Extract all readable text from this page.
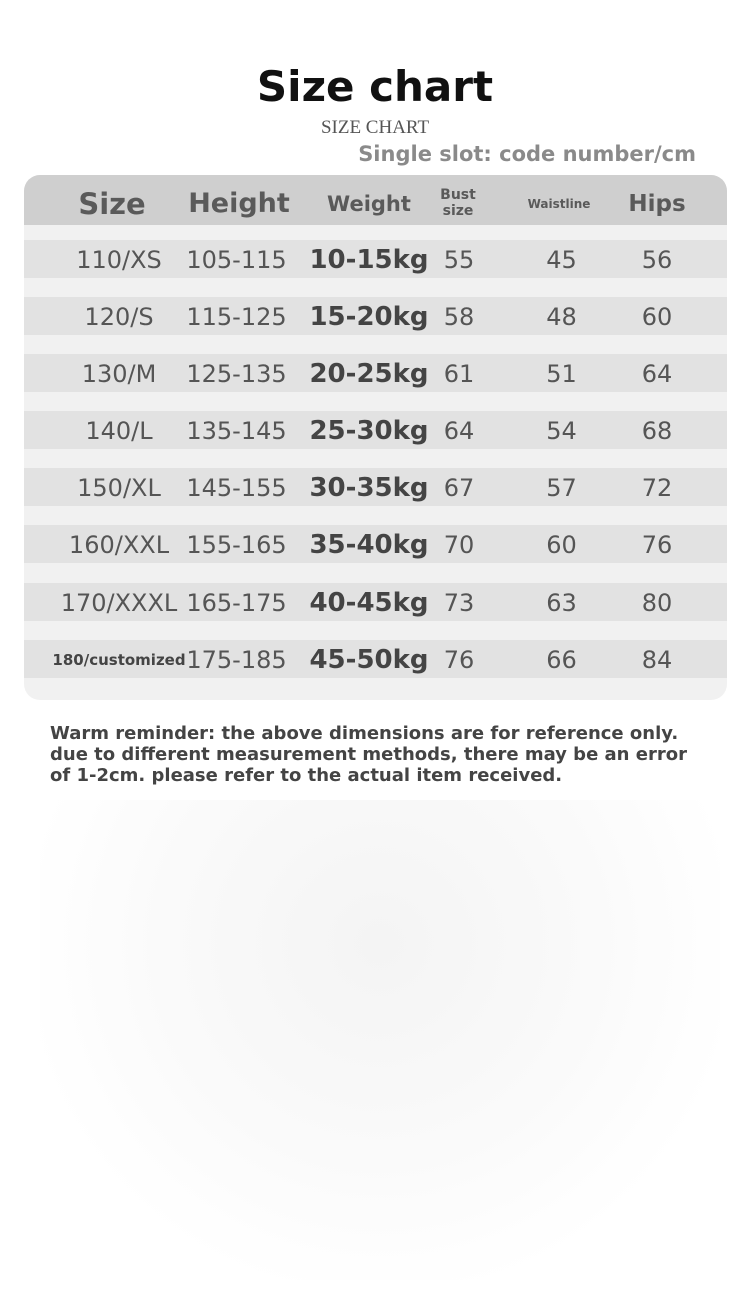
Size chart
SIZE CHART
Single slot: code number/cm
Size Height	Weight	Bust size	Waistline	Hips
110/XS	105-115 10-15kg 55	45	56
120/S	115-125 15-20kg 58	48	60
130/M	125-135 20-25kg 61	51	64
140/L	135-145 25-30kg 64	54	68
150/XL	145-155 30-35kg 67	57	72
160/XXL 155-165 35-40kg 70	60	76
170/XXXL 165-175 40-45kg 73	63	80
180/customized 175-185 45-50kg 76	66	84
Warm reminder: the above dimensions are for reference only. due to different measurement methods, there may be an error of 1-2cm. please refer to the actual item received.
